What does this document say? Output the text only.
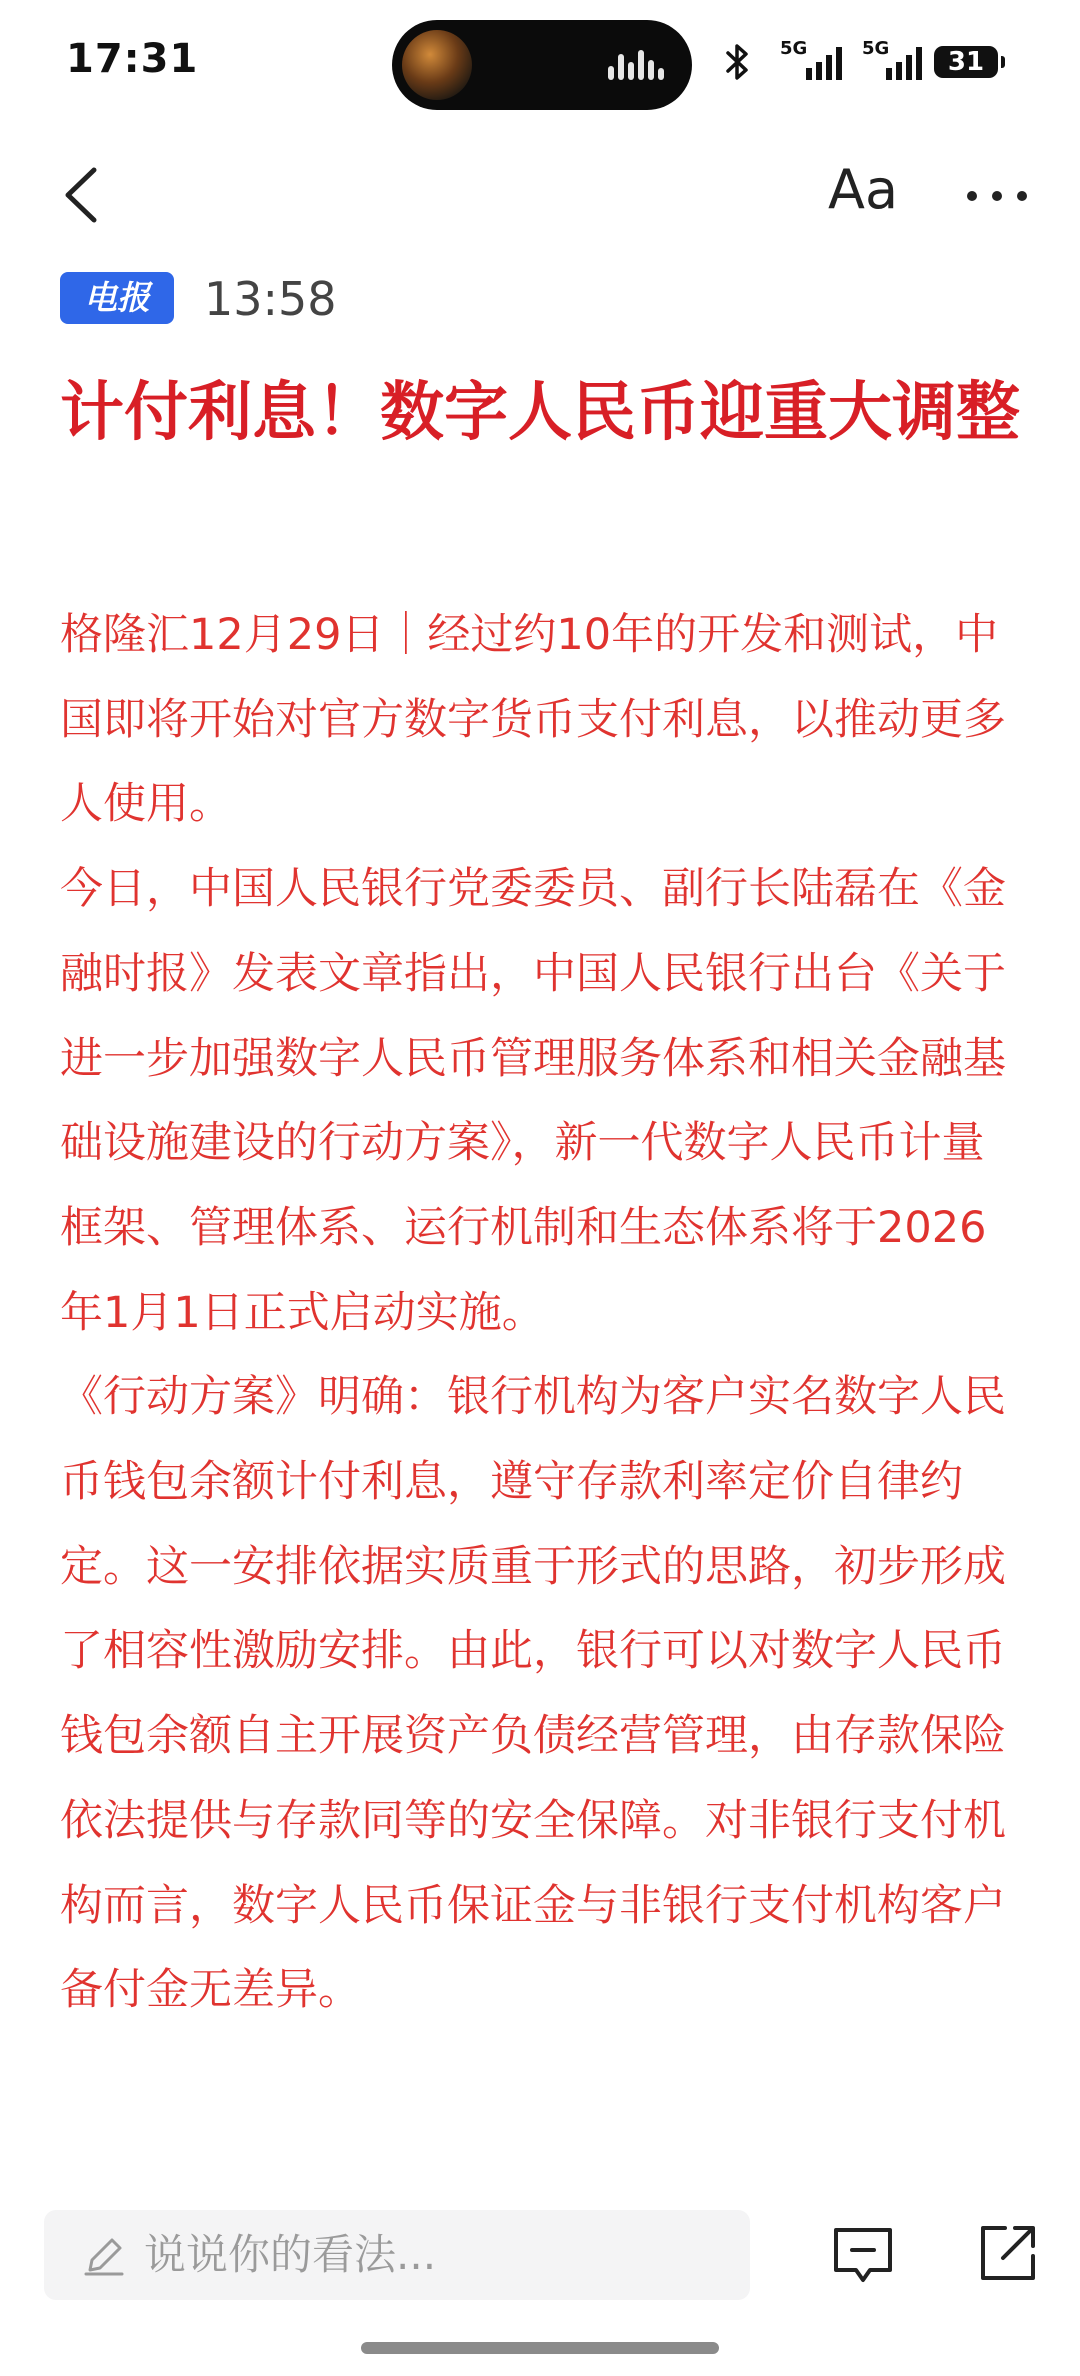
17:31	5G	5G	31
Aa
电报	13:58
计付利息！数字人民币迎重大调整

格隆汇12月29日｜经过约10年的开发和测试，中国即将开始对官方数字货币支付利息，以推动更多人使用。

今日，中国人民银行党委委员、副行长陆磊在《金融时报》发表文章指出，中国人民银行出台《关于进一步加强数字人民币管理服务体系和相关金融基础设施建设的行动方案》，新一代数字人民币计量框架、管理体系、运行机制和生态体系将于2026年1月1日正式启动实施。

《行动方案》明确：银行机构为客户实名数字人民币钱包余额计付利息，遵守存款利率定价自律约定。这一安排依据实质重于形式的思路，初步形成了相容性激励安排。由此，银行可以对数字人民币钱包余额自主开展资产负债经营管理，由存款保险依法提供与存款同等的安全保障。对非银行支付机构而言，数字人民币保证金与非银行支付机构客户备付金无差异。

说说你的看法...
